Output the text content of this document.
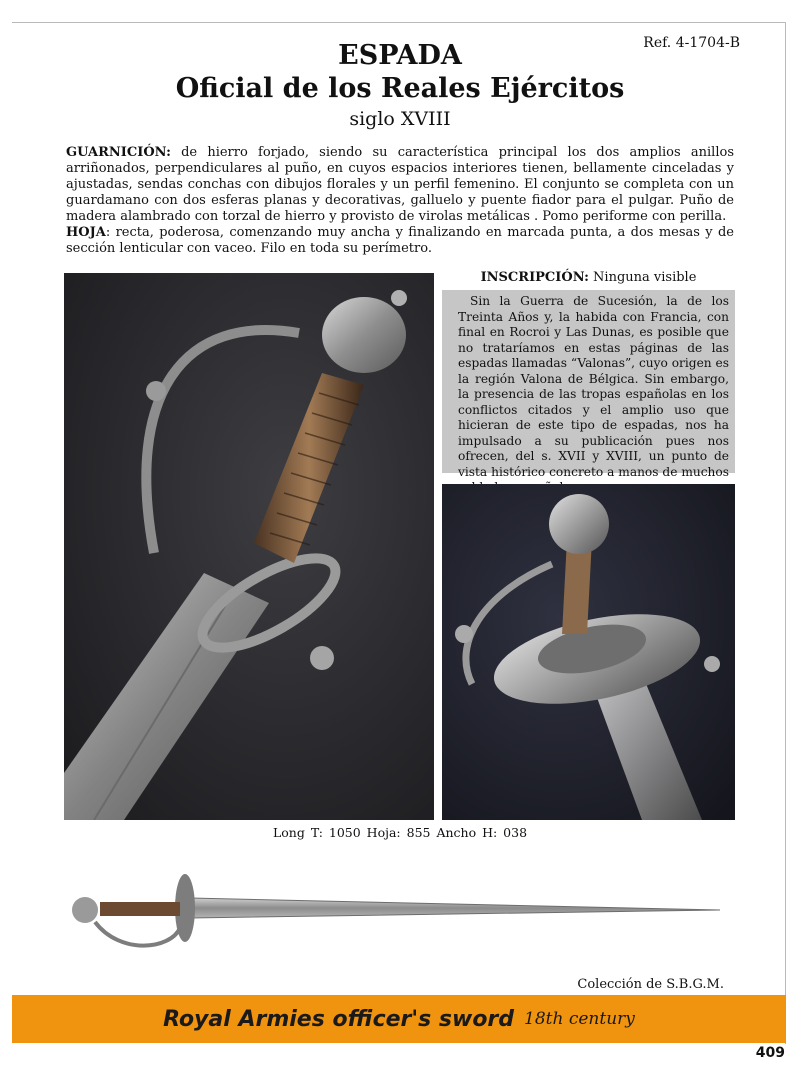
Ref. 4-1704-B
ESPADA
Oficial de los Reales Ejércitos
siglo XVIII

GUARNICIÓN: de hierro forjado, siendo su característica principal los dos amplios anillos arriñonados, perpendiculares al puño, en cuyos espacios interiores tienen, bellamente cinceladas y ajustadas, sendas conchas con dibujos florales y un perfil femenino. El conjunto se completa con un guardamano con dos esferas planas y decorativas, galluelo y puente fiador para el pulgar. Puño de madera alambrado con torzal de hierro y provisto de virolas metálicas . Pomo periforme con perilla.

HOJA: recta, poderosa, comenzando muy ancha y finalizando en marcada punta, a dos mesas y de sección lenticular con vaceo. Filo en toda su perímetro.

INSCRIPCIÓN: Ninguna visible
Sin la Guerra de Sucesión, la de los Treinta Años y, la habida con Francia, con final en Rocroi y Las Dunas, es posible que no trataríamos en estas páginas de las espadas llamadas “Valonas”, cuyo origen es la región Valona de Bélgica. Sin embargo, la presencia de las tropas españolas en los conflictos citados y el amplio uso que hicieran de este tipo de espadas, nos ha impulsado a su publicación pues nos ofrecen, del s. XVII y XVIII, un punto de vista histórico concreto a manos de muchos
Long T: 1050 Hoja: 855 Ancho H: 038
Colección de S.B.G.M.
Royal Armies officer's sword 18th century
409
